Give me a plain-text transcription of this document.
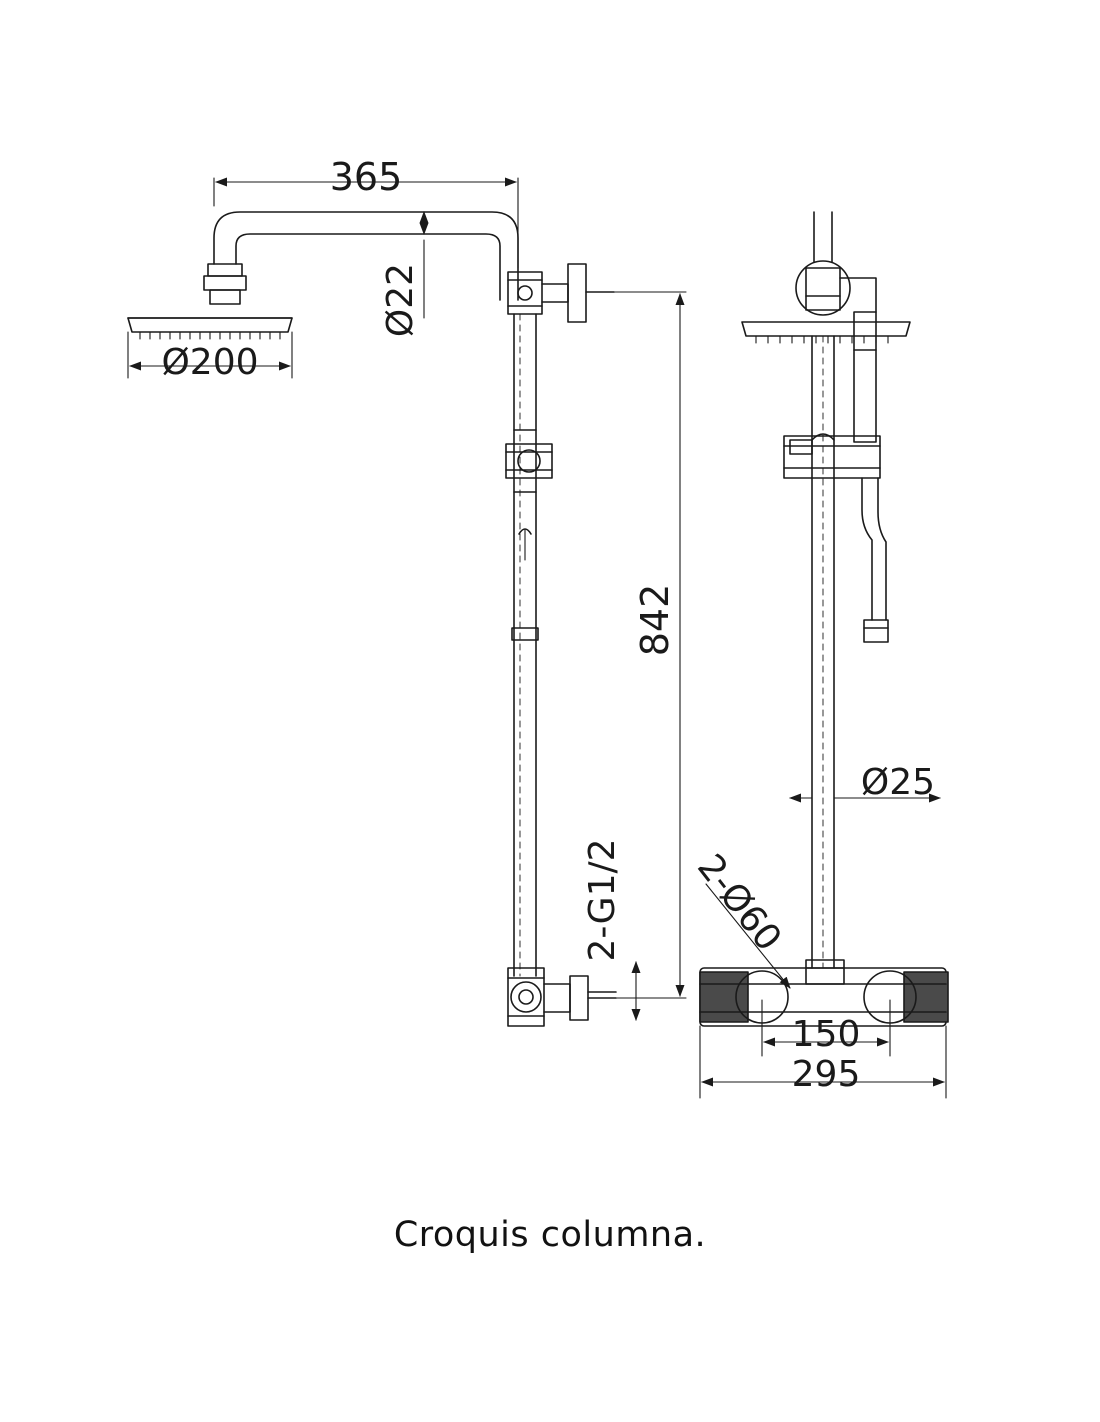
365
Ø22
Ø200
842
2-G1/2
Ø25
2-Ø60
150
295
Croquis columna.
